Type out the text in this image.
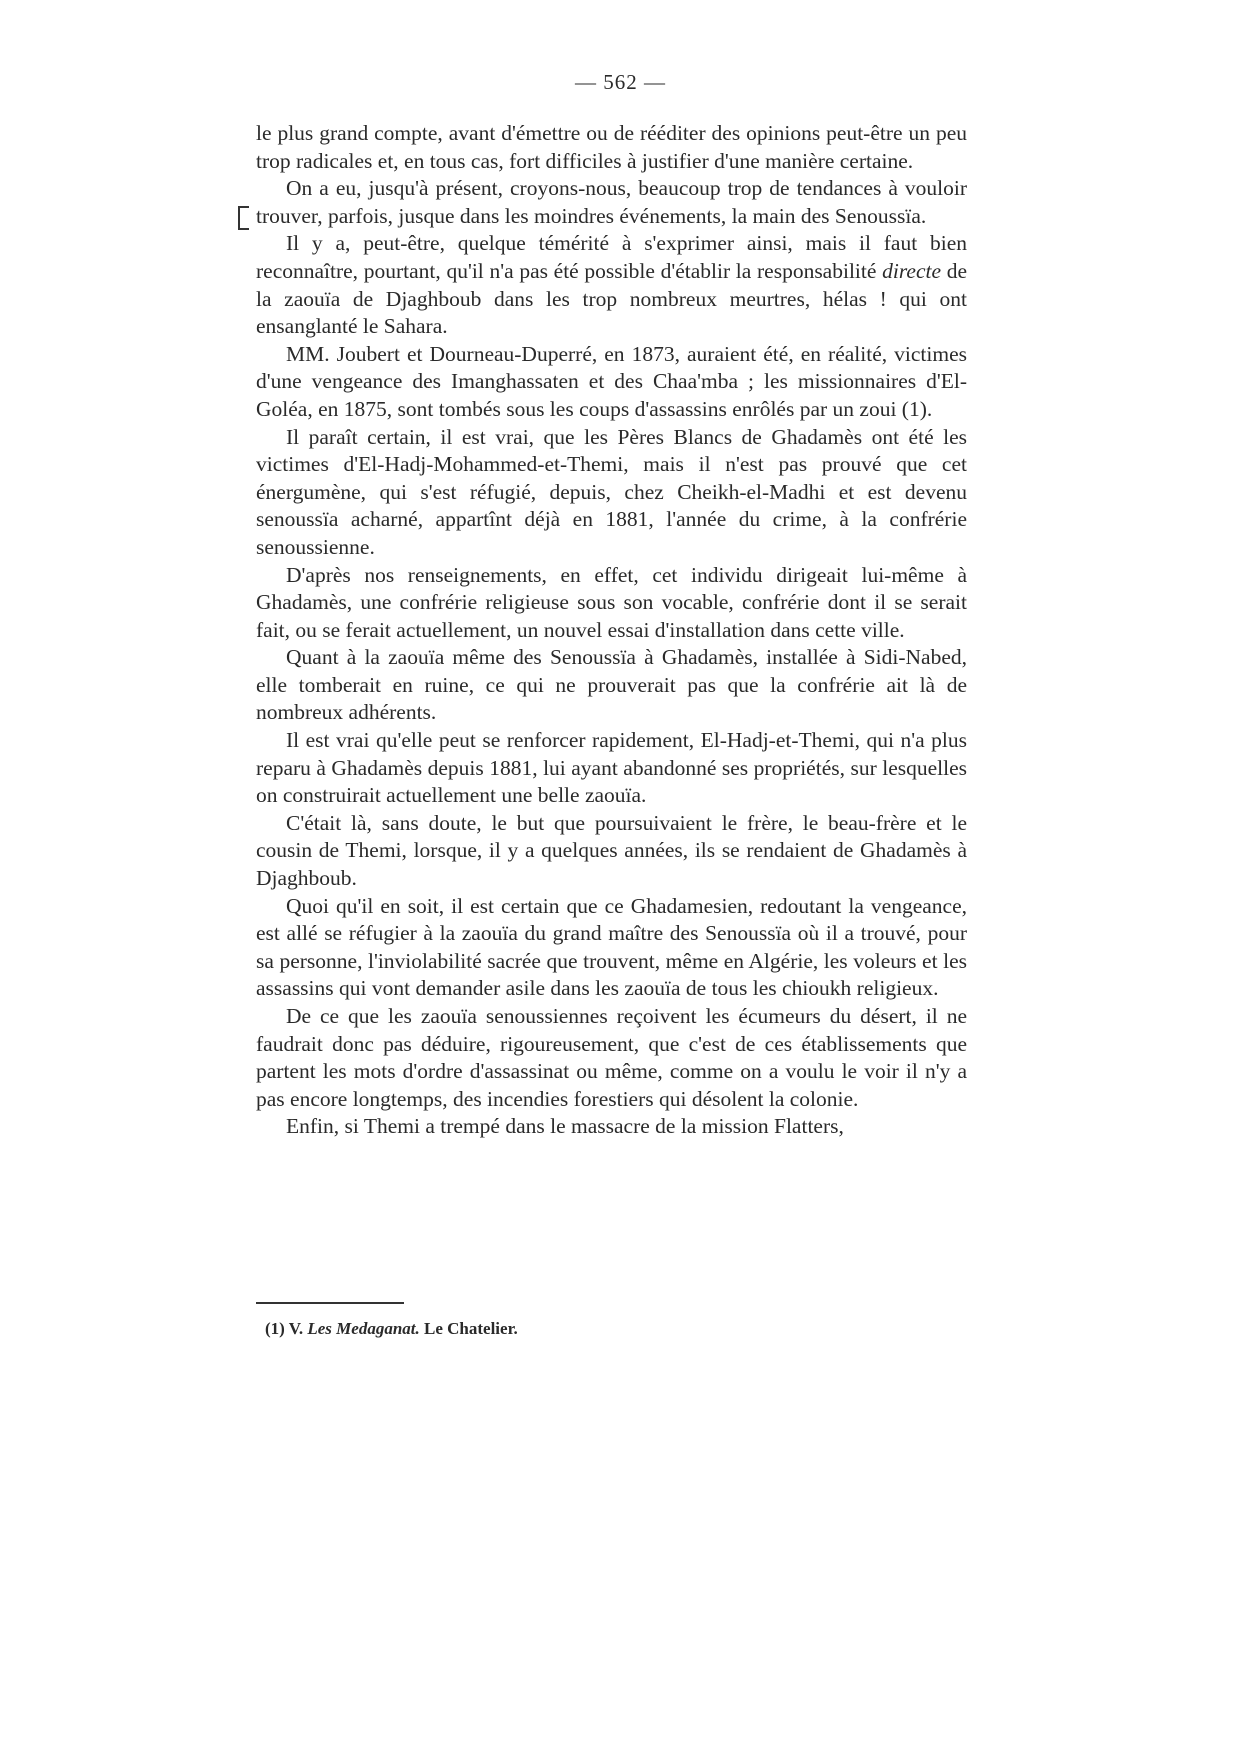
— 562 —

le plus grand compte, avant d'émettre ou de rééditer des opinions peut-être un peu trop radicales et, en tous cas, fort difficiles à justifier d'une manière certaine.

On a eu, jusqu'à présent, croyons-nous, beaucoup trop de tendances à vouloir trouver, parfois, jusque dans les moindres événements, la main des Senoussïa.

Il y a, peut-être, quelque témérité à s'exprimer ainsi, mais il faut bien reconnaître, pourtant, qu'il n'a pas été possible d'établir la responsabilité directe de la zaouïa de Djaghboub dans les trop nombreux meurtres, hélas ! qui ont ensanglanté le Sahara.

MM. Joubert et Dourneau-Duperré, en 1873, auraient été, en réalité, victimes d'une vengeance des Imanghassaten et des Chaa'mba ; les missionnaires d'El-Goléa, en 1875, sont tombés sous les coups d'assassins enrôlés par un zoui (1).

Il paraît certain, il est vrai, que les Pères Blancs de Ghadamès ont été les victimes d'El-Hadj-Mohammed-et-Themi, mais il n'est pas prouvé que cet énergumène, qui s'est réfugié, depuis, chez Cheikh-el-Madhi et est devenu senoussïa acharné, appartînt déjà en 1881, l'année du crime, à la confrérie senoussienne.

D'après nos renseignements, en effet, cet individu dirigeait lui-même à Ghadamès, une confrérie religieuse sous son vocable, confrérie dont il se serait fait, ou se ferait actuellement, un nouvel essai d'installation dans cette ville.

Quant à la zaouïa même des Senoussïa à Ghadamès, installée à Sidi-Nabed, elle tomberait en ruine, ce qui ne prouverait pas que la confrérie ait là de nombreux adhérents.

Il est vrai qu'elle peut se renforcer rapidement, El-Hadj-et-Themi, qui n'a plus reparu à Ghadamès depuis 1881, lui ayant abandonné ses propriétés, sur lesquelles on construirait actuellement une belle zaouïa.

C'était là, sans doute, le but que poursuivaient le frère, le beau-frère et le cousin de Themi, lorsque, il y a quelques années, ils se rendaient de Ghadamès à Djaghboub.

Quoi qu'il en soit, il est certain que ce Ghadamesien, redoutant la vengeance, est allé se réfugier à la zaouïa du grand maître des Senoussïa où il a trouvé, pour sa personne, l'inviolabilité sacrée que trouvent, même en Algérie, les voleurs et les assassins qui vont demander asile dans les zaouïa de tous les chioukh religieux.

De ce que les zaouïa senoussiennes reçoivent les écumeurs du désert, il ne faudrait donc pas déduire, rigoureusement, que c'est de ces établissements que partent les mots d'ordre d'assassinat ou même, comme on a voulu le voir il n'y a pas encore longtemps, des incendies forestiers qui désolent la colonie.

Enfin, si Themi a trempé dans le massacre de la mission Flatters,

(1) V. Les Medaganat. Le Chatelier.
